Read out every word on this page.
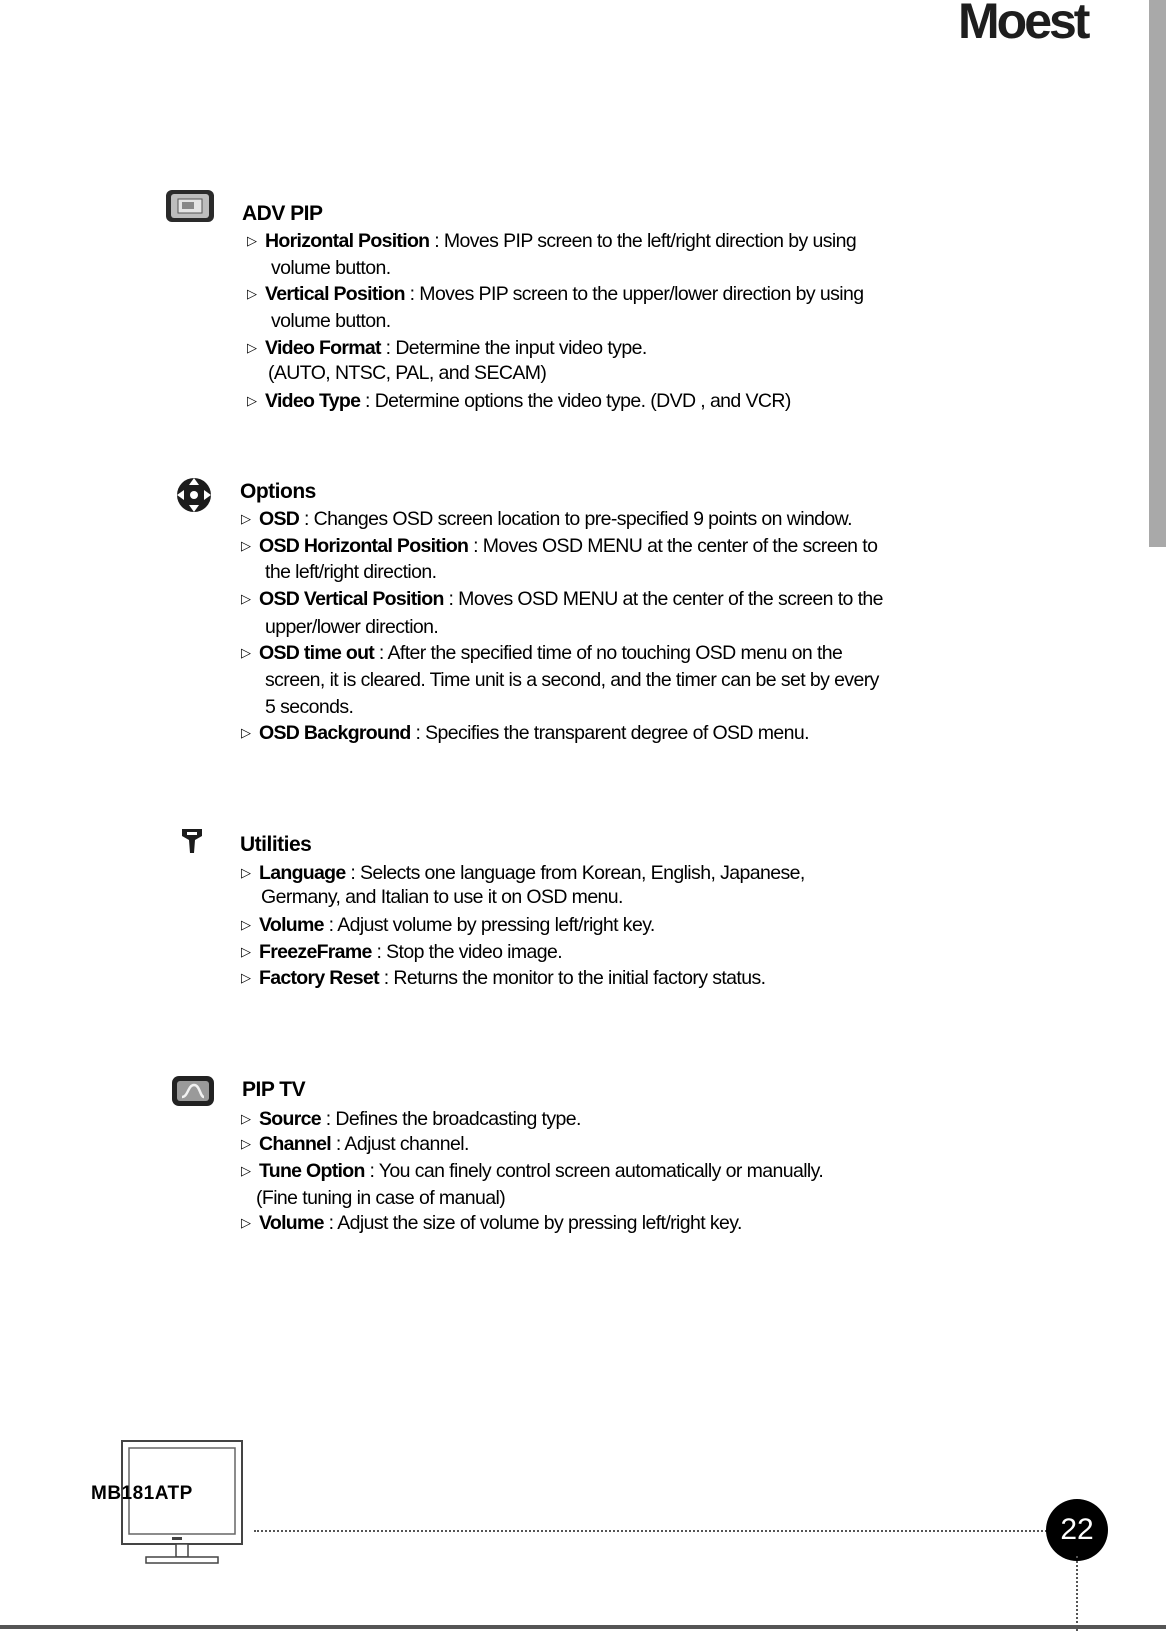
Moest
ADV PIP
▷ Horizontal Position : Moves PIP screen to the left/right direction by using
volume button.
▷ Vertical Position : Moves PIP screen to the upper/lower direction by using
volume button.
▷ Video Format : Determine the input video type.
(AUTO, NTSC, PAL, and SECAM)
▷ Video Type : Determine options the video type. (DVD , and VCR)
Options
▷ OSD : Changes OSD screen location to pre-specified 9 points on window.
▷ OSD Horizontal Position : Moves OSD MENU at the center of the screen to
the left/right direction.
▷ OSD Vertical Position : Moves OSD MENU at the center of the screen to the
upper/lower direction.
▷ OSD time out : After the specified time of no touching OSD menu on the
screen, it is cleared. Time unit is a second, and the timer can be set by every
5 seconds.
▷ OSD Background : Specifies the transparent degree of OSD menu.
Utilities
▷ Language : Selects one language from Korean, English, Japanese,
Germany, and Italian to use it on OSD menu.
▷ Volume : Adjust volume by pressing left/right key.
▷ FreezeFrame : Stop the video image.
▷ Factory Reset : Returns the monitor to the initial factory status.
PIP TV
▷ Source : Defines the broadcasting type.
▷ Channel : Adjust channel.
▷ Tune Option : You can finely control screen automatically or manually.
(Fine tuning in case of manual)
▷ Volume : Adjust the size of volume by pressing left/right key.
MB181ATP
22
